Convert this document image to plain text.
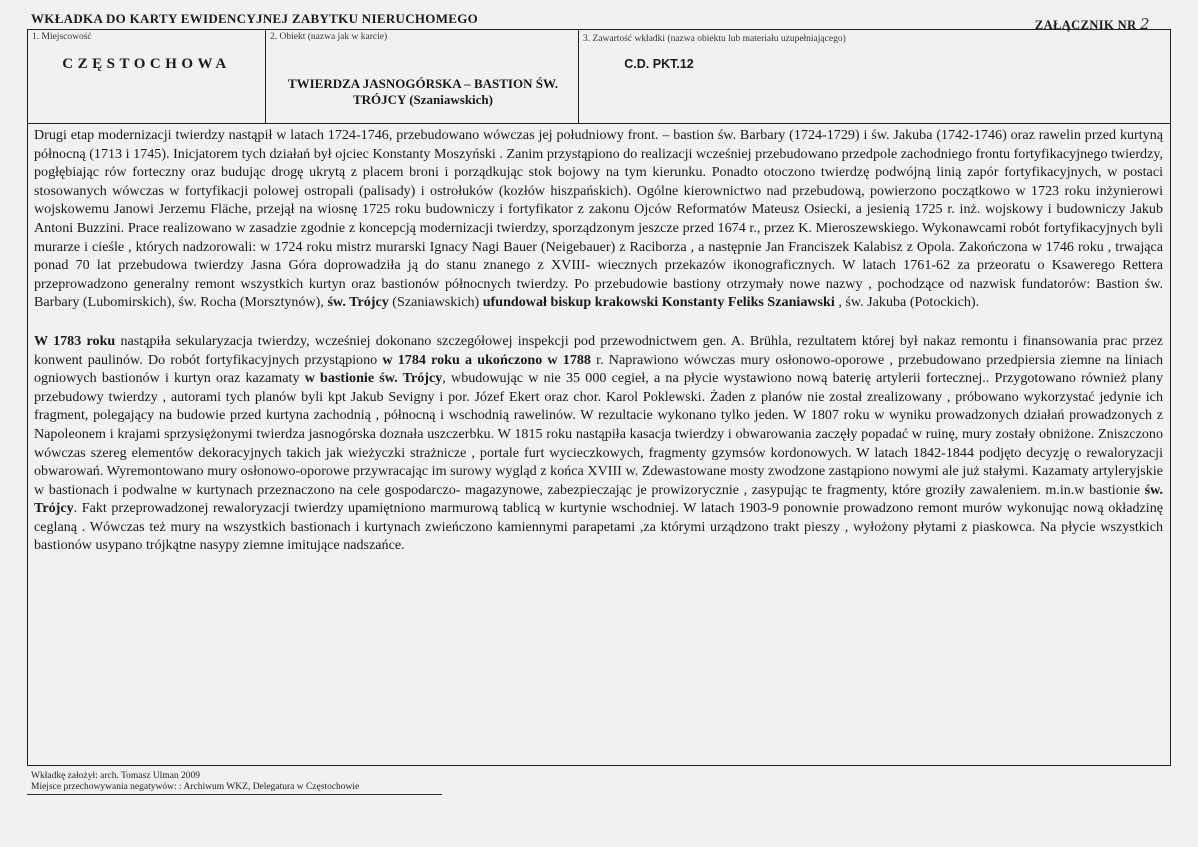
WKŁADKA DO KARTY EWIDENCYJNEJ ZABYTKU NIERUCHOMEGO	ZAŁĄCZNIK NR 2
1. Miejscowość
CZĘSTOCHOWA
2. Obiekt (nazwa jak w karcie)
TWIERDZA JASNOGÓRSKA – BASTION ŚW.
TRÓJCY (Szaniawskich)
3. Zawartość wkładki (nazwa obiektu lub materiału uzupełniającego)
C.D. PKT.12

Drugi etap modernizacji twierdzy nastąpił w latach 1724-1746, przebudowano wówczas jej południowy front. – bastion św. Barbary (1724-1729) i św. Jakuba (1742-1746) oraz rawelin przed kurtyną północną (1713 i 1745). Inicjatorem tych działań był ojciec Konstanty Moszyński . Zanim przystąpiono do realizacji wcześniej przebudowano przedpole zachodniego frontu fortyfikacyjnego twierdzy, pogłębiając rów forteczny oraz budując drogę ukrytą z placem broni i porządkując stok bojowy na tym kierunku. Ponadto otoczono twierdzę podwójną linią zapór fortyfikacyjnych, w postaci stosowanych wówczas w fortyfikacji polowej ostropali (palisady) i ostrołuków (kozłów hiszpańskich). Ogólne kierownictwo nad przebudową, powierzono początkowo w 1723 roku inżynierowi wojskowemu Janowi Jerzemu Fläche, przejął na wiosnę 1725 roku budowniczy i fortyfikator z zakonu Ojców Reformatów Mateusz Osiecki, a jesienią 1725 r. inż. wojskowy i budowniczy Jakub Antoni Buzzini. Prace realizowano w zasadzie zgodnie z koncepcją modernizacji twierdzy, sporządzonym jeszcze przed 1674 r., przez K. Mieroszewskiego. Wykonawcami robót fortyfikacyjnych byli murarze i cieśle , których nadzorowali: w 1724 roku mistrz murarski Ignacy Nagi Bauer (Neigebauer) z Raciborza , a następnie Jan Franciszek Kalabisz z Opola. Zakończona w 1746 roku , trwająca ponad 70 lat przebudowa twierdzy Jasna Góra doprowadziła ją do stanu znanego z XVIII- wiecznych przekazów ikonograficznych. W latach 1761-62 za przeoratu o Ksawerego Rettera przeprowadzono generalny remont wszystkich kurtyn oraz bastionów północnych twierdzy. Po przebudowie bastiony otrzymały nowe nazwy , pochodzące od nazwisk fundatorów: Bastion św. Barbary (Lubomirskich), św. Rocha (Morsztynów), św. Trójcy (Szaniawskich) ufundował biskup krakowski Konstanty Feliks Szaniawski , św. Jakuba (Potockich).

W 1783 roku nastąpiła sekularyzacja twierdzy, wcześniej dokonano szczegółowej inspekcji pod przewodnictwem gen. A. Brühla, rezultatem której był nakaz remontu i finansowania prac przez konwent paulinów. Do robót fortyfikacyjnych przystąpiono w 1784 roku a ukończono w 1788 r. Naprawiono wówczas mury osłonowo-oporowe , przebudowano przedpiersia ziemne na liniach ogniowych bastionów i kurtyn oraz kazamaty w bastionie św. Trójcy, wbudowując w nie 35 000 cegieł, a na płycie wystawiono nową baterię artylerii fortecznej.. Przygotowano również plany przebudowy twierdzy , autorami tych planów byli kpt Jakub Sevigny i por. Józef Ekert oraz chor. Karol Poklewski. Żaden z planów nie został zrealizowany , próbowano wykorzystać jedynie ich fragment, polegający na budowie przed kurtyna zachodnią , północną i wschodnią rawelinów. W rezultacie wykonano tylko jeden. W 1807 roku w wyniku prowadzonych działań prowadzonych z Napoleonem i krajami sprzysiężonymi twierdza jasnogórska doznała uszczerbku. W 1815 roku nastąpiła kasacja twierdzy i obwarowania zaczęły popadać w ruinę, mury zostały obniżone. Zniszczono wówczas szereg elementów dekoracyjnych takich jak wieżyczki strażnicze , portale furt wycieczkowych, fragmenty gzymsów kordonowych. W latach 1842-1844 podjęto decyzję o rewaloryzacji obwarowań. Wyremontowano mury osłonowo-oporowe przywracając im surowy wygląd z końca XVIII w. Zdewastowane mosty zwodzone zastąpiono nowymi ale już stałymi. Kazamaty artyleryjskie w bastionach i podwalne w kurtynach przeznaczono na cele gospodarczo- magazynowe, zabezpieczając je prowizorycznie , zasypując te fragmenty, które groziły zawaleniem. m.in.w bastionie św. Trójcy. Fakt przeprowadzonej rewaloryzacji twierdzy upamiętniono marmurową tablicą w kurtynie wschodniej. W latach 1903-9 ponownie prowadzono remont murów wykonując nową okładzinę ceglaną . Wówczas też mury na wszystkich bastionach i kurtynach zwieńczono kamiennymi parapetami ,za którymi urządzono trakt pieszy , wyłożony płytami z piaskowca. Na płycie wszystkich bastionów usypano trójkątne nasypy ziemne imitujące nadszańce.

Wkładkę założył: arch. Tomasz Ulman 2009
Miejsce przechowywania negatywów: : Archiwum WKZ, Delegatura w Częstochowie
